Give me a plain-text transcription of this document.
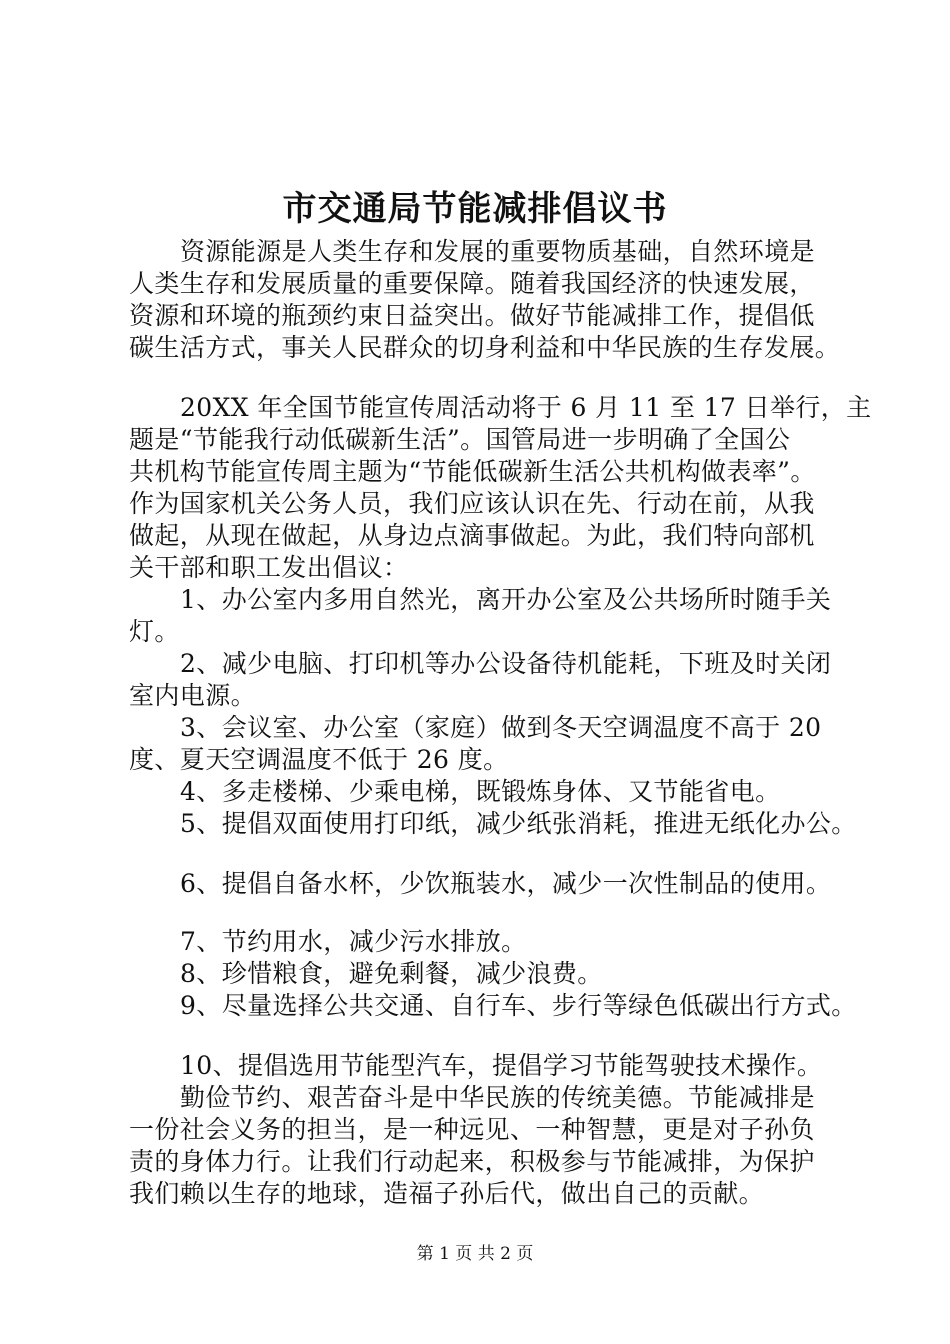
市交通局节能减排倡议书
资源能源是人类生存和发展的重要物质基础，自然环境是
人类生存和发展质量的重要保障。随着我国经济的快速发展，
资源和环境的瓶颈约束日益突出。做好节能减排工作，提倡低
碳生活方式，事关人民群众的切身利益和中华民族的生存发展。
20XX 年全国节能宣传周活动将于 6 月 11 至 17 日举行，主
题是“节能我行动低碳新生活”。国管局进一步明确了全国公
共机构节能宣传周主题为“节能低碳新生活公共机构做表率”。
作为国家机关公务人员，我们应该认识在先、行动在前，从我
做起，从现在做起，从身边点滴事做起。为此，我们特向部机
关干部和职工发出倡议：
1、办公室内多用自然光，离开办公室及公共场所时随手关
灯。
2、减少电脑、打印机等办公设备待机能耗，下班及时关闭
室内电源。
3、会议室、办公室（家庭）做到冬天空调温度不高于 20
度、夏天空调温度不低于 26 度。
4、多走楼梯、少乘电梯，既锻炼身体、又节能省电。
5、提倡双面使用打印纸，减少纸张消耗，推进无纸化办公。
6、提倡自备水杯，少饮瓶装水，减少一次性制品的使用。
7、节约用水，减少污水排放。
8、珍惜粮食，避免剩餐，减少浪费。
9、尽量选择公共交通、自行车、步行等绿色低碳出行方式。
10、提倡选用节能型汽车，提倡学习节能驾驶技术操作。
勤俭节约、艰苦奋斗是中华民族的传统美德。节能减排是
一份社会义务的担当，是一种远见、一种智慧，更是对子孙负
责的身体力行。让我们行动起来，积极参与节能减排，为保护
我们赖以生存的地球，造福子孙后代，做出自己的贡献。
第 1 页 共 2 页
